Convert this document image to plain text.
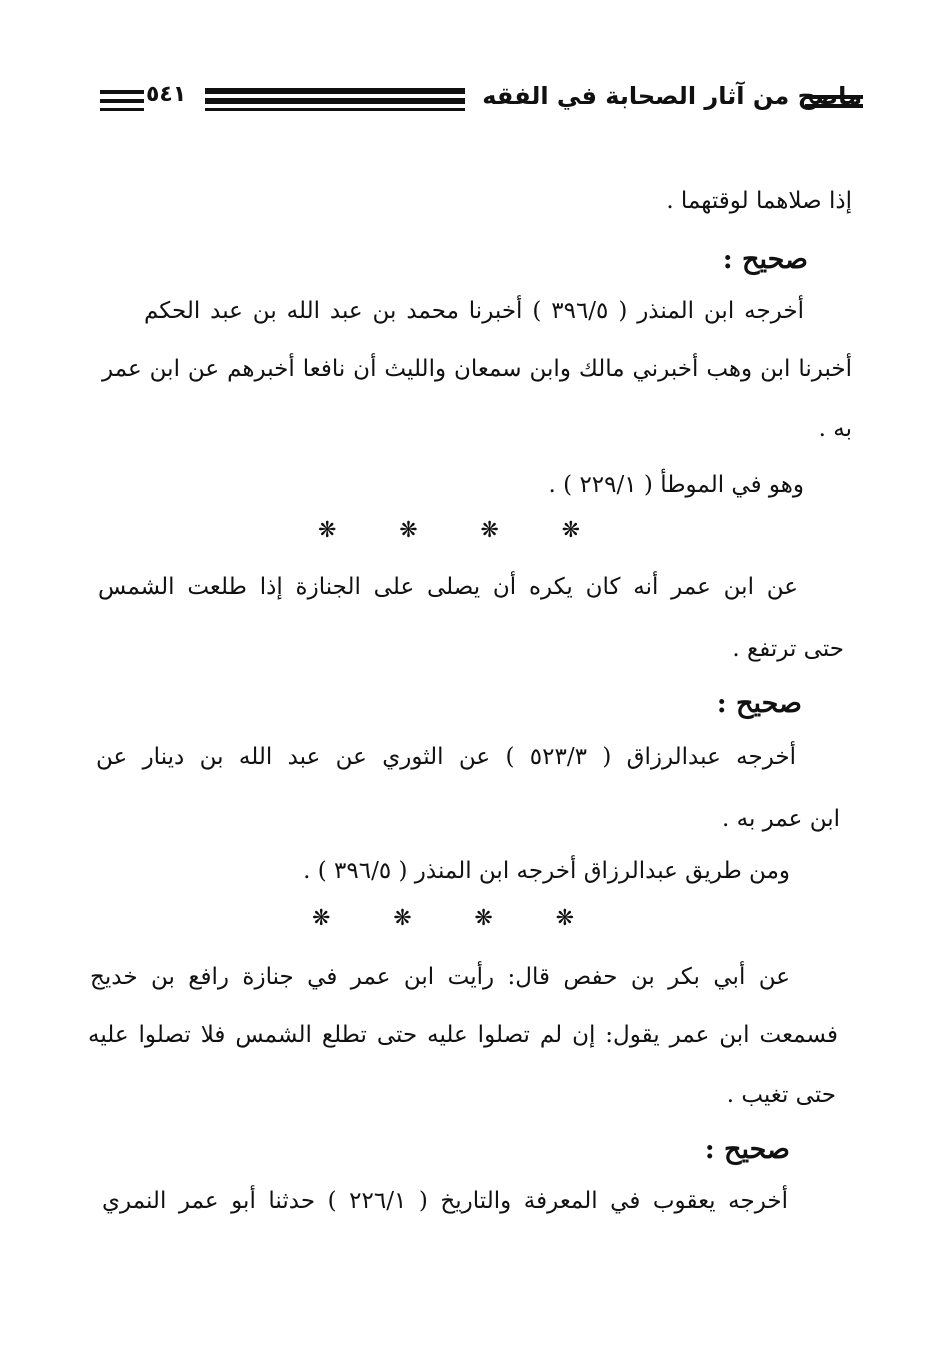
ماصح من آثار الصحابة في الفقه
٥٤١
إذا صلاهما لوقتهما .
صحيح :
أخرجه ابن المنذر ( ٣٩٦/٥ ) أخبرنا محمد بن عبد الله بن عبد الحكم
أخبرنا ابن وهب أخبرني مالك وابن سمعان والليث أن نافعا أخبرهم عن ابن عمر
به .
وهو في الموطأ ( ٢٢٩/١ ) .
❋
❋
❋
❋
عن ابن عمر أنه كان يكره أن يصلى على الجنازة إذا طلعت الشمس
حتى ترتفع .
صحيح :
أخرجه عبدالرزاق ( ٥٢٣/٣ ) عن الثوري عن عبد الله بن دينار عن
ابن عمر به .
ومن طريق عبدالرزاق أخرجه ابن المنذر ( ٣٩٦/٥ ) .
❋
❋
❋
❋
عن أبي بكر بن حفص قال: رأيت ابن عمر في جنازة رافع بن خديج
فسمعت ابن عمر يقول: إن لم تصلوا عليه حتى تطلع الشمس فلا تصلوا عليه
حتى تغيب .
صحيح :
أخرجه يعقوب في المعرفة والتاريخ ( ٢٢٦/١ ) حدثنا أبو عمر النمري
